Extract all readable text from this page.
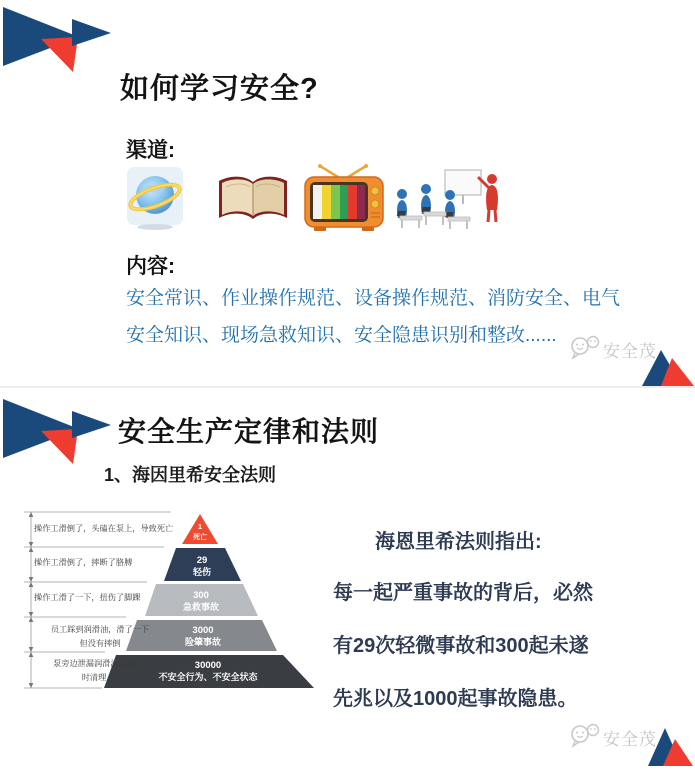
如何学习安全?
渠道:
内容:
安全常识、作业操作规范、设备操作规范、消防安全、电气
安全知识、现场急救知识、安全隐患识别和整改......
安全茂
安全生产定律和法则
1、海因里希安全法则
1
死亡
29
轻伤
300
急救事故
3000
险肇事故
30000
不安全行为、不安全状态
操作工滑倒了，头磕在泵上，导致死亡
操作工滑倒了，摔断了胳膊
操作工滑了一下，扭伤了脚踝
员工踩到润滑油，滑了一下
但没有摔倒
泵旁边泄漏润滑油未及
时清理

海恩里希法则指出:

每一起严重事故的背后，必然

有29次轻微事故和300起未遂

先兆以及1000起事故隐患。

安全茂
